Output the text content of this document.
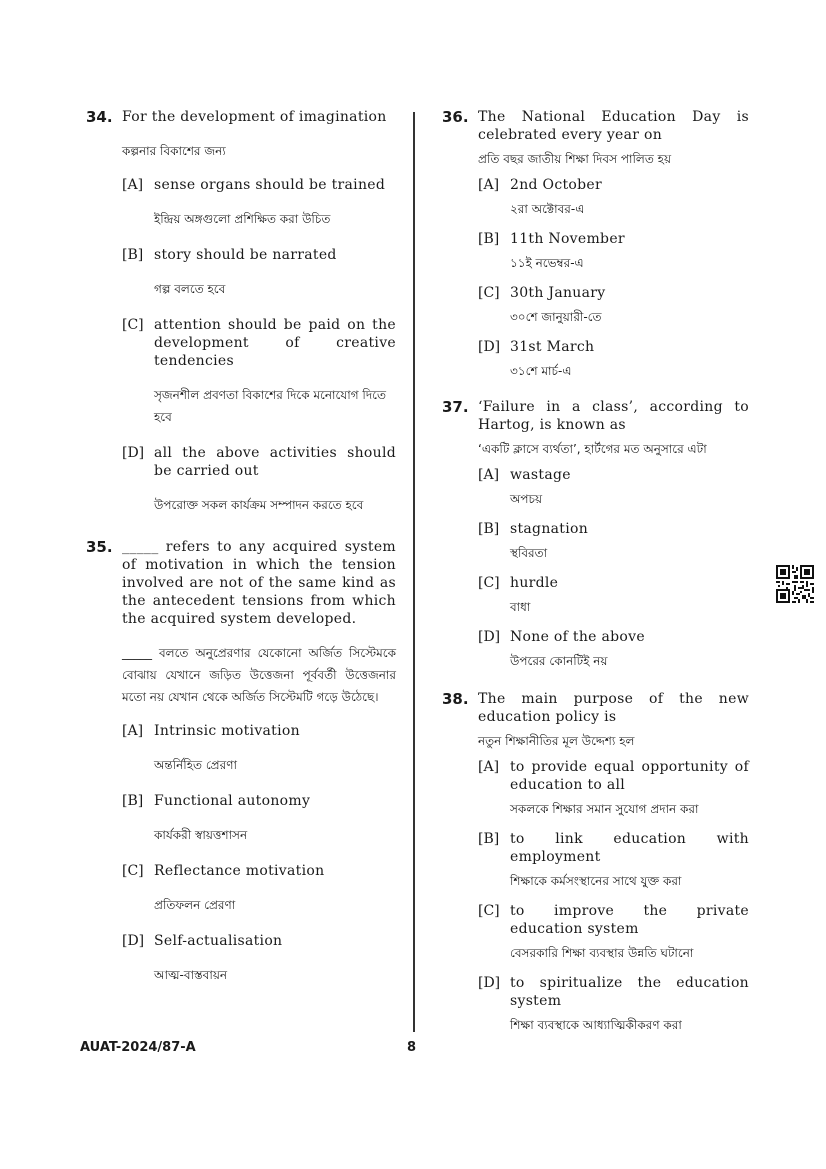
34. For the development of imagination
কল্পনার বিকাশের জন্য
[A] sense organs should be trained
ইন্দ্রিয় অঙ্গগুলো প্রশিক্ষিত করা উচিত
[B] story should be narrated
গল্প বলতে হবে
[C] attention should be paid on the development of creative tendencies
সৃজনশীল প্রবণতা বিকাশের দিকে মনোযোগ দিতে হবে
[D] all the above activities should be carried out
উপরোক্ত সকল কার্যক্রম সম্পাদন করতে হবে
35. _____ refers to any acquired system of motivation in which the tension involved are not of the same kind as the antecedent tensions from which the acquired system developed.
_____ বলতে অনুপ্রেরণার যেকোনো অর্জিত সিস্টেমকে বোঝায় যেখানে জড়িত উত্তেজনা পূর্ববর্তী উত্তেজনার মতো নয় যেখান থেকে অর্জিত সিস্টেমটি গড়ে উঠেছে।
[A] Intrinsic motivation
অন্তর্নিহিত প্রেরণা
[B] Functional autonomy
কার্যকরী স্বায়ত্তশাসন
[C] Reflectance motivation
প্রতিফলন প্রেরণা
[D] Self-actualisation
আত্ম-বাস্তবায়ন
36. The National Education Day is celebrated every year on
প্রতি বছর জাতীয় শিক্ষা দিবস পালিত হয়
[A] 2nd October
২রা অক্টোবর-এ
[B] 11th November
১১ই নভেম্বর-এ
[C] 30th January
৩০শে জানুয়ারী-তে
[D] 31st March
৩১শে মার্চ-এ
37. ‘Failure in a class’, according to Hartog, is known as
‘একটি ক্লাসে ব্যর্থতা’, হার্টগের মত অনুসারে এটা
[A] wastage
অপচয়
[B] stagnation
স্থবিরতা
[C] hurdle
বাধা
[D] None of the above
উপরের কোনটিই নয়
38. The main purpose of the new education policy is
নতুন শিক্ষানীতির মূল উদ্দেশ্য হল
[A] to provide equal opportunity of education to all
সকলকে শিক্ষার সমান সুযোগ প্রদান করা
[B] to link education with employment
শিক্ষাকে কর্মসংস্থানের সাথে যুক্ত করা
[C] to improve the private education system
বেসরকারি শিক্ষা ব্যবস্থার উন্নতি ঘটানো
[D] to spiritualize the education system
শিক্ষা ব্যবস্থাকে আধ্যাত্মিকীকরণ করা
AUAT-2024/87-A	8
